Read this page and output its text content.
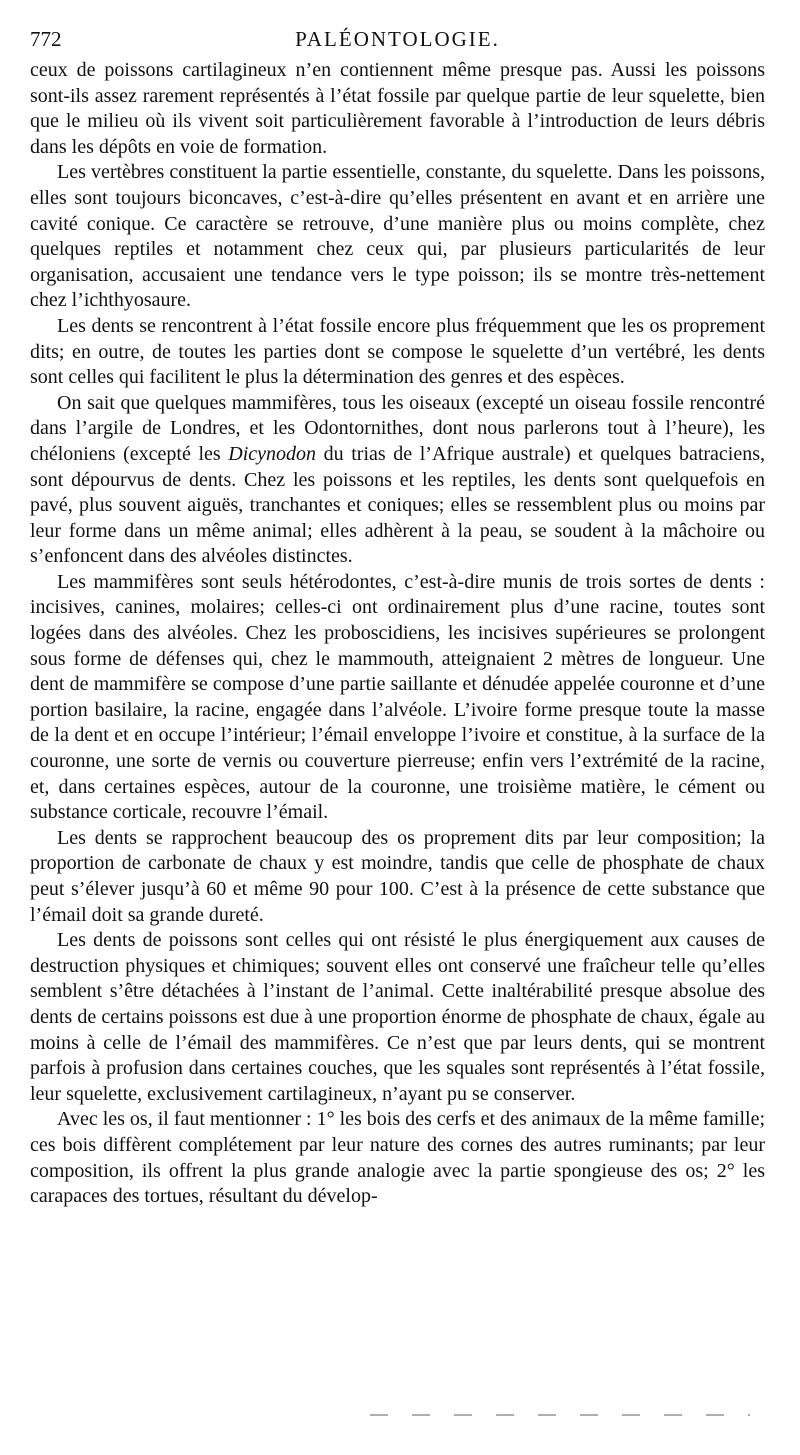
772	PALÉONTOLOGIE.

ceux de poissons cartilagineux n’en contiennent même presque pas. Aussi les poissons sont-ils assez rarement représentés à l’état fossile par quelque partie de leur squelette, bien que le milieu où ils vivent soit particulièrement favorable à l’introduction de leurs débris dans les dépôts en voie de formation.

Les vertèbres constituent la partie essentielle, constante, du squelette. Dans les poissons, elles sont toujours biconcaves, c’est-à-dire qu’elles présentent en avant et en arrière une cavité conique. Ce caractère se retrouve, d’une manière plus ou moins complète, chez quelques reptiles et notamment chez ceux qui, par plusieurs particularités de leur organisation, accusaient une tendance vers le type poisson; ils se montre très-nettement chez l’ichthyosaure.

Les dents se rencontrent à l’état fossile encore plus fréquemment que les os proprement dits; en outre, de toutes les parties dont se compose le squelette d’un vertébré, les dents sont celles qui facilitent le plus la détermination des genres et des espèces.

On sait que quelques mammifères, tous les oiseaux (excepté un oiseau fossile rencontré dans l’argile de Londres, et les Odontornithes, dont nous parlerons tout à l’heure), les chéloniens (excepté les Dicynodon du trias de l’Afrique australe) et quelques batraciens, sont dépourvus de dents. Chez les poissons et les reptiles, les dents sont quelquefois en pavé, plus souvent aiguës, tranchantes et coniques; elles se ressemblent plus ou moins par leur forme dans un même animal; elles adhèrent à la peau, se soudent à la mâchoire ou s’enfoncent dans des alvéoles distinctes.

Les mammifères sont seuls hétérodontes, c’est-à-dire munis de trois sortes de dents : incisives, canines, molaires; celles-ci ont ordinairement plus d’une racine, toutes sont logées dans des alvéoles. Chez les proboscidiens, les incisives supérieures se prolongent sous forme de défenses qui, chez le mammouth, atteignaient 2 mètres de longueur. Une dent de mammifère se compose d’une partie saillante et dénudée appelée couronne et d’une portion basilaire, la racine, engagée dans l’alvéole. L’ivoire forme presque toute la masse de la dent et en occupe l’intérieur; l’émail enveloppe l’ivoire et constitue, à la surface de la couronne, une sorte de vernis ou couverture pierreuse; enfin vers l’extrémité de la racine, et, dans certaines espèces, autour de la couronne, une troisième matière, le cément ou substance corticale, recouvre l’émail.

Les dents se rapprochent beaucoup des os proprement dits par leur composition; la proportion de carbonate de chaux y est moindre, tandis que celle de phosphate de chaux peut s’élever jusqu’à 60 et même 90 pour 100. C’est à la présence de cette substance que l’émail doit sa grande dureté.

Les dents de poissons sont celles qui ont résisté le plus énergiquement aux causes de destruction physiques et chimiques; souvent elles ont conservé une fraîcheur telle qu’elles semblent s’être détachées à l’instant de l’animal. Cette inaltérabilité presque absolue des dents de certains poissons est due à une proportion énorme de phosphate de chaux, égale au moins à celle de l’émail des mammifères. Ce n’est que par leurs dents, qui se montrent parfois à profusion dans certaines couches, que les squales sont représentés à l’état fossile, leur squelette, exclusivement cartilagineux, n’ayant pu se conserver.

Avec les os, il faut mentionner : 1° les bois des cerfs et des animaux de la même famille; ces bois diffèrent complétement par leur nature des cornes des autres ruminants; par leur composition, ils offrent la plus grande analogie avec la partie spongieuse des os; 2° les carapaces des tortues, résultant du dévelop-
